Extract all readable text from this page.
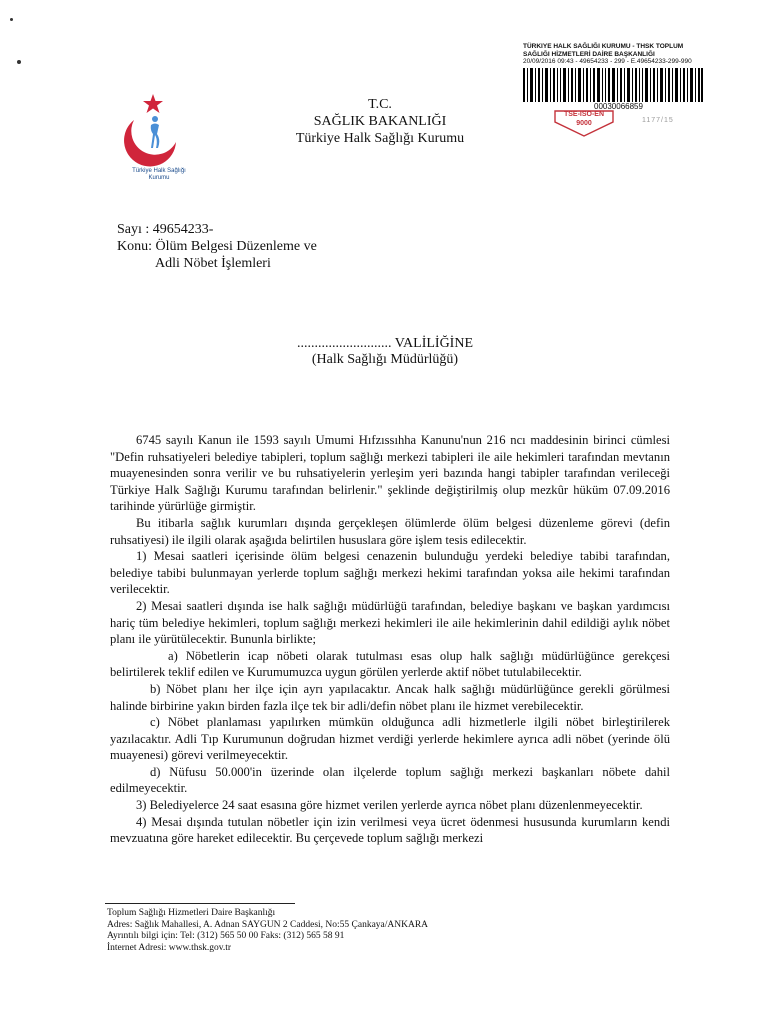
Türkiye Halk Sağlığı
Kurumu
T.C.
SAĞLIK BAKANLIĞI
Türkiye Halk Sağlığı Kurumu
TÜRKIYE HALK SAĞLIĞI KURUMU - THSK TOPLUM
SAĞLIĞI HİZMETLERİ DAİRE BAŞKANLIĞI
20/09/2016 09:43 - 49654233 - 299 - E.49654233-299-990
00030066859
TSE-ISO-EN
9000	1177/15
Sayı : 49654233-
Konu: Ölüm Belgesi Düzenleme ve
Adli Nöbet İşlemleri
........................... VALİLİĞİNE
(Halk Sağlığı Müdürlüğü)

6745 sayılı Kanun ile 1593 sayılı Umumi Hıfzıssıhha Kanunu'nun 216 ncı maddesinin birinci cümlesi "Defin ruhsatiyeleri belediye tabipleri, toplum sağlığı merkezi tabipleri ile aile hekimleri tarafından mevtanın muayenesinden sonra verilir ve bu ruhsatiyelerin yerleşim yeri bazında hangi tabipler tarafından verileceği Türkiye Halk Sağlığı Kurumu tarafından belirlenir." şeklinde değiştirilmiş olup mezkûr hüküm 07.09.2016 tarihinde yürürlüğe girmiştir.

Bu itibarla sağlık kurumları dışında gerçekleşen ölümlerde ölüm belgesi düzenleme görevi (defin ruhsatiyesi) ile ilgili olarak aşağıda belirtilen hususlara göre işlem tesis edilecektir.

1) Mesai saatleri içerisinde ölüm belgesi cenazenin bulunduğu yerdeki belediye tabibi tarafından, belediye tabibi bulunmayan yerlerde toplum sağlığı merkezi hekimi tarafından yoksa aile hekimi tarafından verilecektir.

2) Mesai saatleri dışında ise halk sağlığı müdürlüğü tarafından, belediye başkanı ve başkan yardımcısı hariç tüm belediye hekimleri, toplum sağlığı merkezi hekimleri ile aile hekimlerinin dahil edildiği aylık nöbet planı ile yürütülecektir. Bununla birlikte;

a) Nöbetlerin icap nöbeti olarak tutulması esas olup halk sağlığı müdürlüğünce gerekçesi belirtilerek teklif edilen ve Kurumumuzca uygun görülen yerlerde aktif nöbet tutulabilecektir.

b) Nöbet planı her ilçe için ayrı yapılacaktır. Ancak halk sağlığı müdürlüğünce gerekli görülmesi halinde birbirine yakın birden fazla ilçe tek bir adli/defin nöbet planı ile hizmet verebilecektir.

c) Nöbet planlaması yapılırken mümkün olduğunca adli hizmetlerle ilgili nöbet birleştirilerek yazılacaktır. Adli Tıp Kurumunun doğrudan hizmet verdiği yerlerde hekimlere ayrıca adli nöbet (yerinde ölü muayenesi) görevi verilmeyecektir.

d) Nüfusu 50.000'in üzerinde olan ilçelerde toplum sağlığı merkezi başkanları nöbete dahil edilmeyecektir.

3) Belediyelerce 24 saat esasına göre hizmet verilen yerlerde ayrıca nöbet planı düzenlenmeyecektir.

4) Mesai dışında tutulan nöbetler için izin verilmesi veya ücret ödenmesi hususunda kurumların kendi mevzuatına göre hareket edilecektir. Bu çerçevede toplum sağlığı merkezi

Toplum Sağlığı Hizmetleri Daire Başkanlığı
Adres: Sağlık Mahallesi, A. Adnan SAYGUN 2 Caddesi, No:55 Çankaya/ANKARA
Ayrıntılı bilgi için: Tel: (312) 565 50 00 Faks: (312) 565 58 91
İnternet Adresi: www.thsk.gov.tr
